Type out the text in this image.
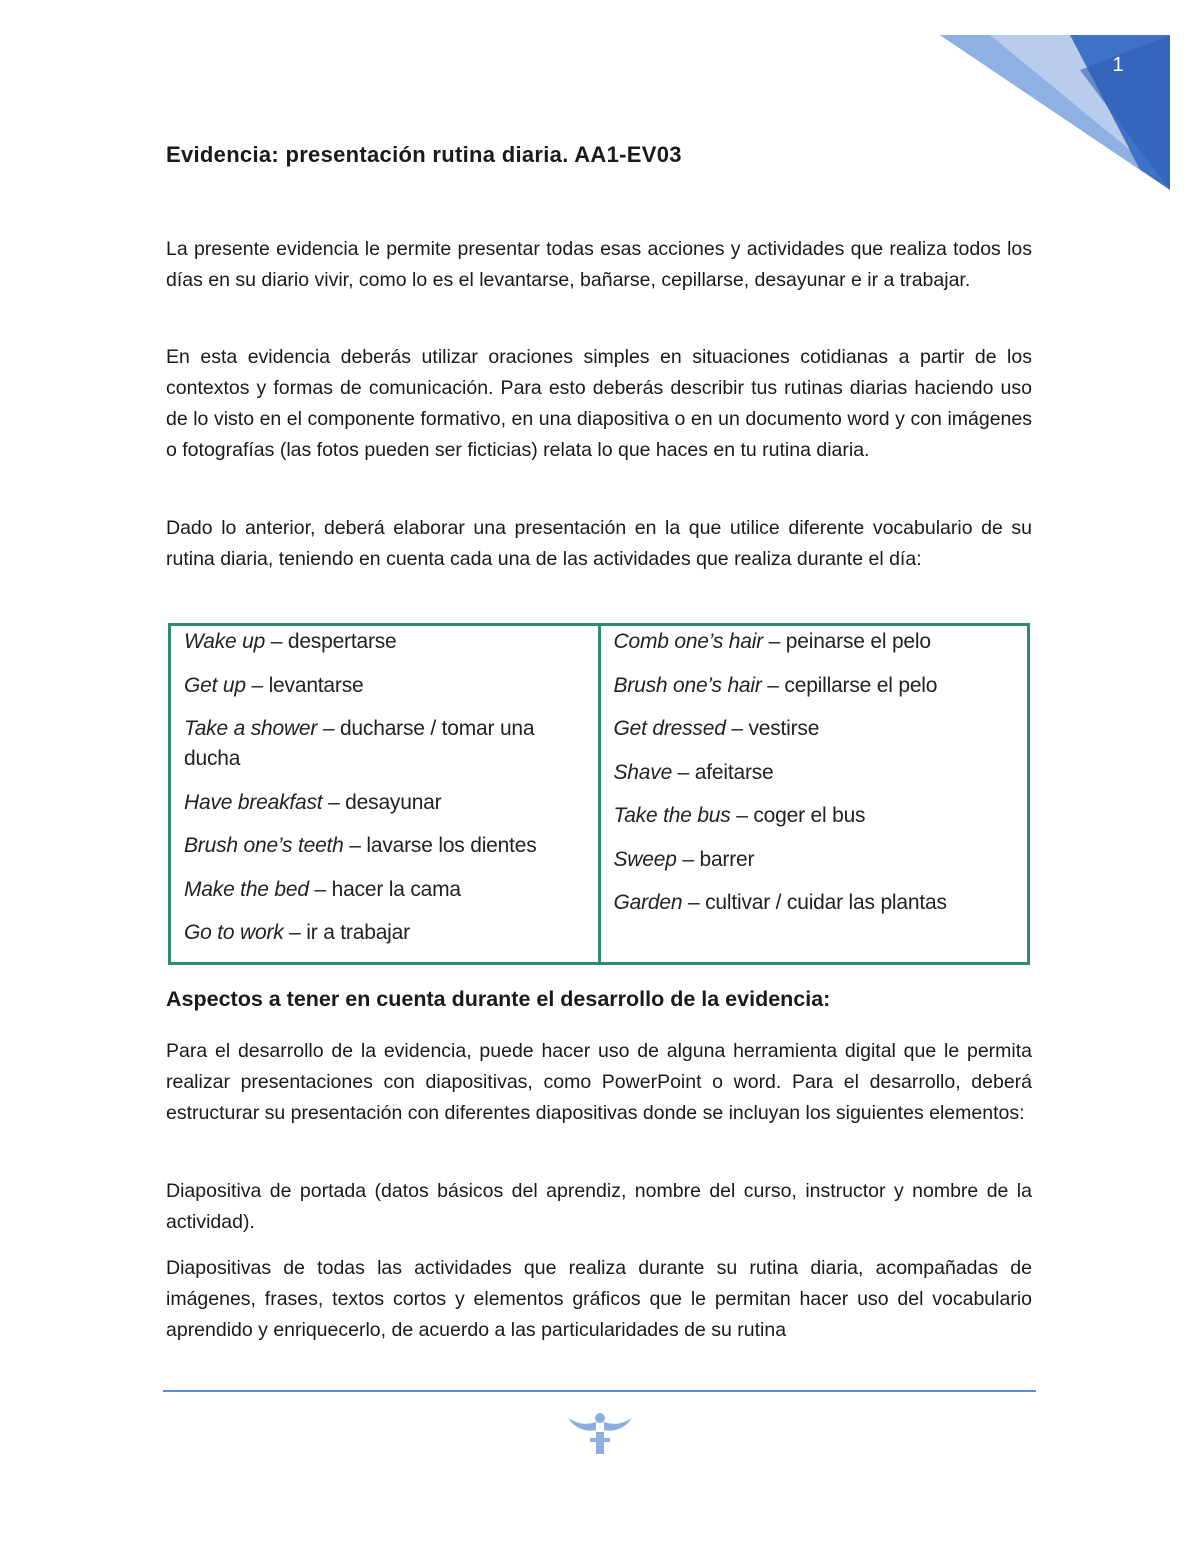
1
Evidencia: presentación rutina diaria. AA1-EV03

La presente evidencia le permite presentar todas esas acciones y actividades que realiza todos los días en su diario vivir, como lo es el levantarse, bañarse, cepillarse, desayunar e ir a trabajar.

En esta evidencia deberás utilizar oraciones simples en situaciones cotidianas a partir de los contextos y formas de comunicación. Para esto deberás describir tus rutinas diarias haciendo uso de lo visto en el componente formativo, en una diapositiva o en un documento word y con imágenes o fotografías (las fotos pueden ser ficticias) relata lo que haces en tu rutina diaria.

Dado lo anterior, deberá elaborar una presentación en la que utilice diferente vocabulario de su rutina diaria, teniendo en cuenta cada una de las actividades que realiza durante el día:

Aspectos a tener en cuenta durante el desarrollo de la evidencia:

Para el desarrollo de la evidencia, puede hacer uso de alguna herramienta digital que le permita realizar presentaciones con diapositivas, como PowerPoint o word. Para el desarrollo, deberá estructurar su presentación con diferentes diapositivas donde se incluyan los siguientes elementos:

Diapositiva de portada (datos básicos del aprendiz, nombre del curso, instructor y nombre de la actividad).

Diapositivas de todas las actividades que realiza durante su rutina diaria, acompañadas de imágenes, frases, textos cortos y elementos gráficos que le permitan hacer uso del vocabulario aprendido y enriquecerlo, de acuerdo a las particularidades de su rutina

Wake up – despertarse

Get up – levantarse

Take a shower – ducharse / tomar una ducha

Have breakfast – desayunar

Brush one’s teeth – lavarse los dientes

Make the bed – hacer la cama

Go to work – ir a trabajar

Comb one’s hair – peinarse el pelo

Brush one’s hair – cepillarse el pelo

Get dressed – vestirse

Shave – afeitarse

Take the bus – coger el bus

Sweep – barrer

Garden – cultivar / cuidar las plantas
